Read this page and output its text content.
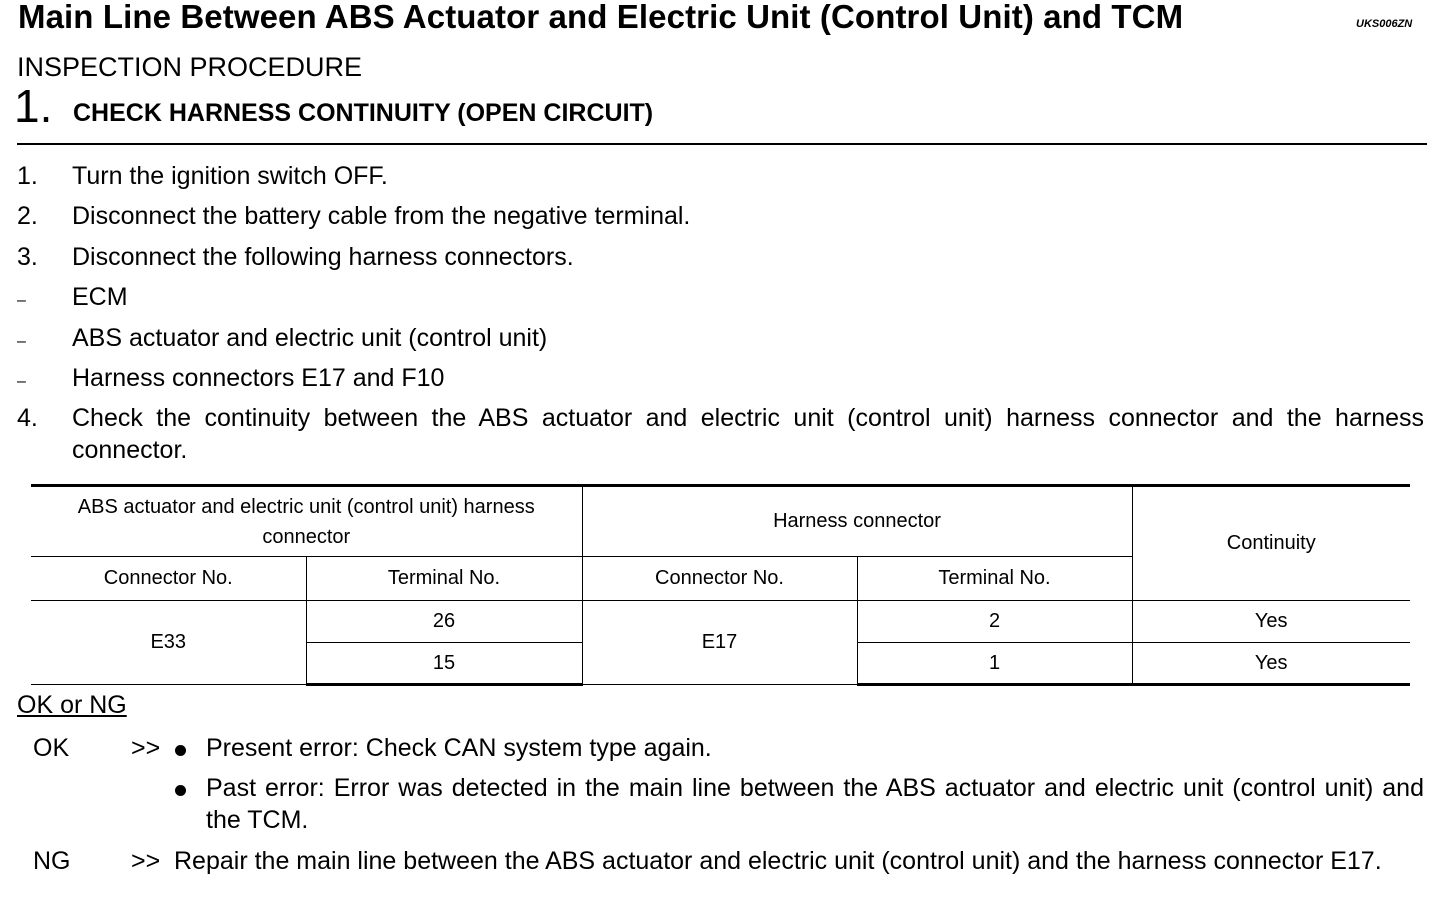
Main Line Between ABS Actuator and Electric Unit (Control Unit) and TCM	UKS006ZN
INSPECTION PROCEDURE
1. CHECK HARNESS CONTINUITY (OPEN CIRCUIT)
1. Turn the ignition switch OFF.
2. Disconnect the battery cable from the negative terminal.
3. Disconnect the following harness connectors.
– ECM
– ABS actuator and electric unit (control unit)
– Harness connectors E17 and F10
4. Check the continuity between the ABS actuator and electric unit (control unit) harness connector and the harness connector.
ABS actuator and electric unit (control unit) harness connector		Harness connector		Continuity
Connector No.	Terminal No.	Connector No.	Terminal No.	
E33	26	E17	2	Yes
	15		1	Yes
OK or NG
OK >> Present error: Check CAN system type again.
Past error: Error was detected in the main line between the ABS actuator and electric unit (control unit) and the TCM.
NG >> Repair the main line between the ABS actuator and electric unit (control unit) and the harness connector E17.
